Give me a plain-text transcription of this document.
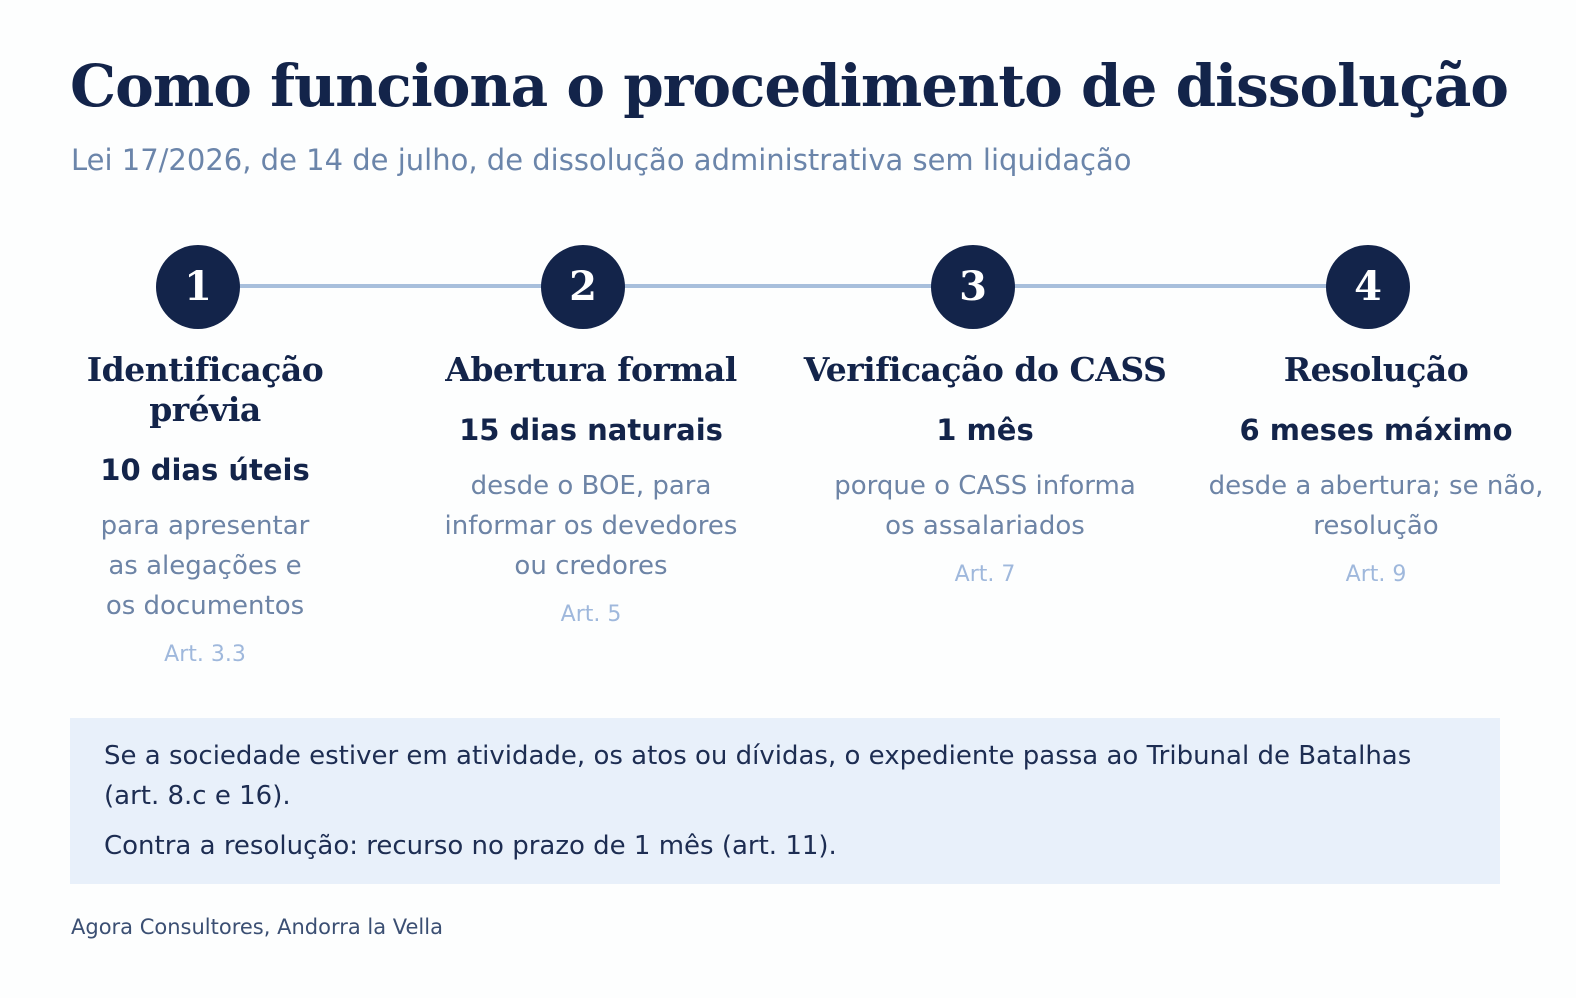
Como funciona o procedimento de dissolução

Lei 17/2026, de 14 de julho, de dissolução administrativa sem liquidação

1	2	3	4
Identificação
prévia
10 dias úteis
para apresentar
as alegações e
os documentos
Art. 3.3
Abertura formal
15 dias naturais
desde o BOE, para
informar os devedores
ou credores
Art. 5
Verificação do CASS
1 mês
porque o CASS informa
os assalariados
Art. 7
Resolução
6 meses máximo
desde a abertura; se não,
resolução
Art. 9
Se a sociedade estiver em atividade, os atos ou dívidas, o expediente passa ao Tribunal de Batalhas
(art. 8.c e 16).
Contra a resolução: recurso no prazo de 1 mês (art. 11).
Agora Consultores, Andorra la Vella
